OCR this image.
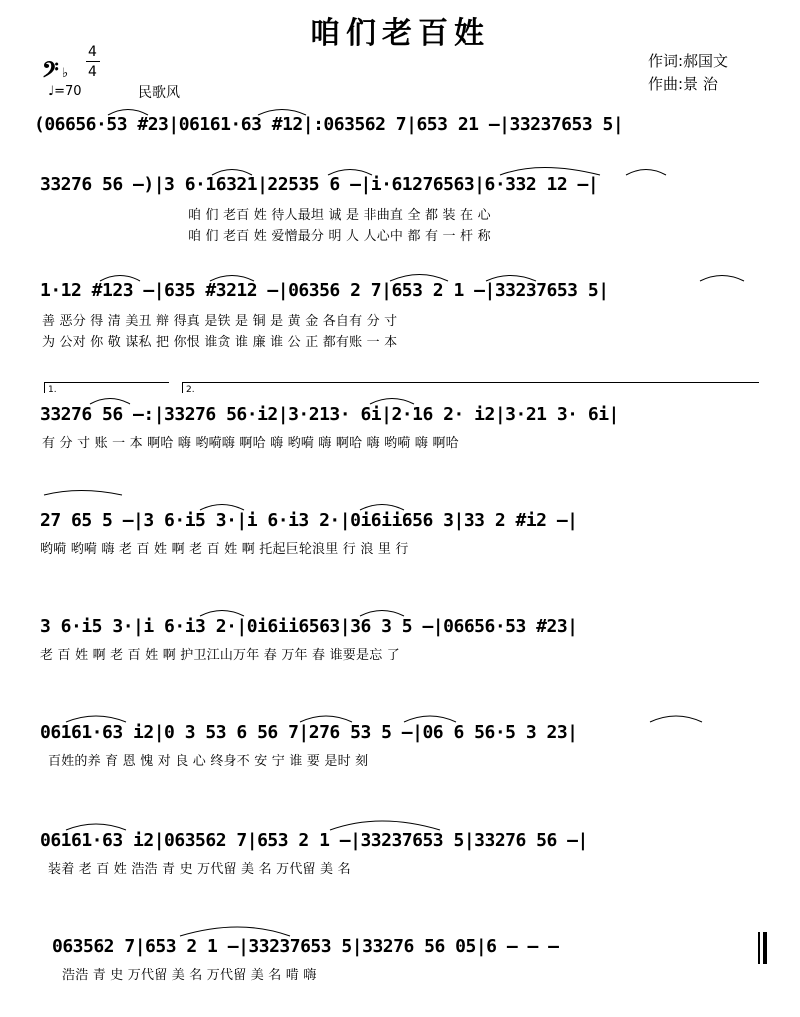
咱们老百姓
作词:郝国文
作曲:景 治
𝄢 ♭
4
4
♩=70	民歌风
(06656·53 #23|06161·63 #12|:063562 7|653 21 –|33237653 5|
33276 56 –)|3 6·16321|22535 6 –|i·61276563|6·332 12 –|
咱 们 老百 姓 待人最坦 诚 是 非曲直 全 都 装 在 心
咱 们 老百 姓 爱憎最分 明 人 人心中 都 有 一 杆 称
1·12 #123 –|635 #3212 –|06356 2 7|653 2 1 –|33237653 5|
善 恶分 得 清 美丑 辩 得真 是铁 是 铜 是 黄 金 各自有 分 寸
为 公对 你 敬 谋私 把 你恨 谁贪 谁 廉 谁 公 正 都有账 一 本
1.	2.
33276 56 –:|33276 56·i2|3·213· 6i|2·16 2· i2|3·21 3· 6i|
有 分 寸 账 一 本 啊哈 嗨 哟嗬嗨 啊哈 嗨 哟嗬 嗨 啊哈 嗨 哟嗬 嗨 啊哈
27 65 5 –|3 6·i5 3·|i 6·i3 2·|0i6ii656 3|33 2 #i2 –|
哟嗬 哟嗬 嗨 老 百 姓 啊 老 百 姓 啊 托起巨轮浪里 行 浪 里 行
3 6·i5 3·|i 6·i3 2·|0i6ii6563|36 3 5 –|06656·53 #23|
老 百 姓 啊 老 百 姓 啊 护卫江山万年 春 万年 春 谁要是忘 了
06161·63 i2|0 3 53 6 56 7|276 53 5 –|06 6 56·5 3 23|
百姓的养 育 恩 愧 对 良 心 终身不 安 宁 谁 要 是时 刻
06161·63 i2|063562 7|653 2 1 –|33237653 5|33276 56 –|
装着 老 百 姓 浩浩 青 史 万代留 美 名 万代留 美 名
063562 7|653 2 1 –|33237653 5|33276 56 05|6 – – –
浩浩 青 史 万代留 美 名 万代留 美 名 啃 嗨
